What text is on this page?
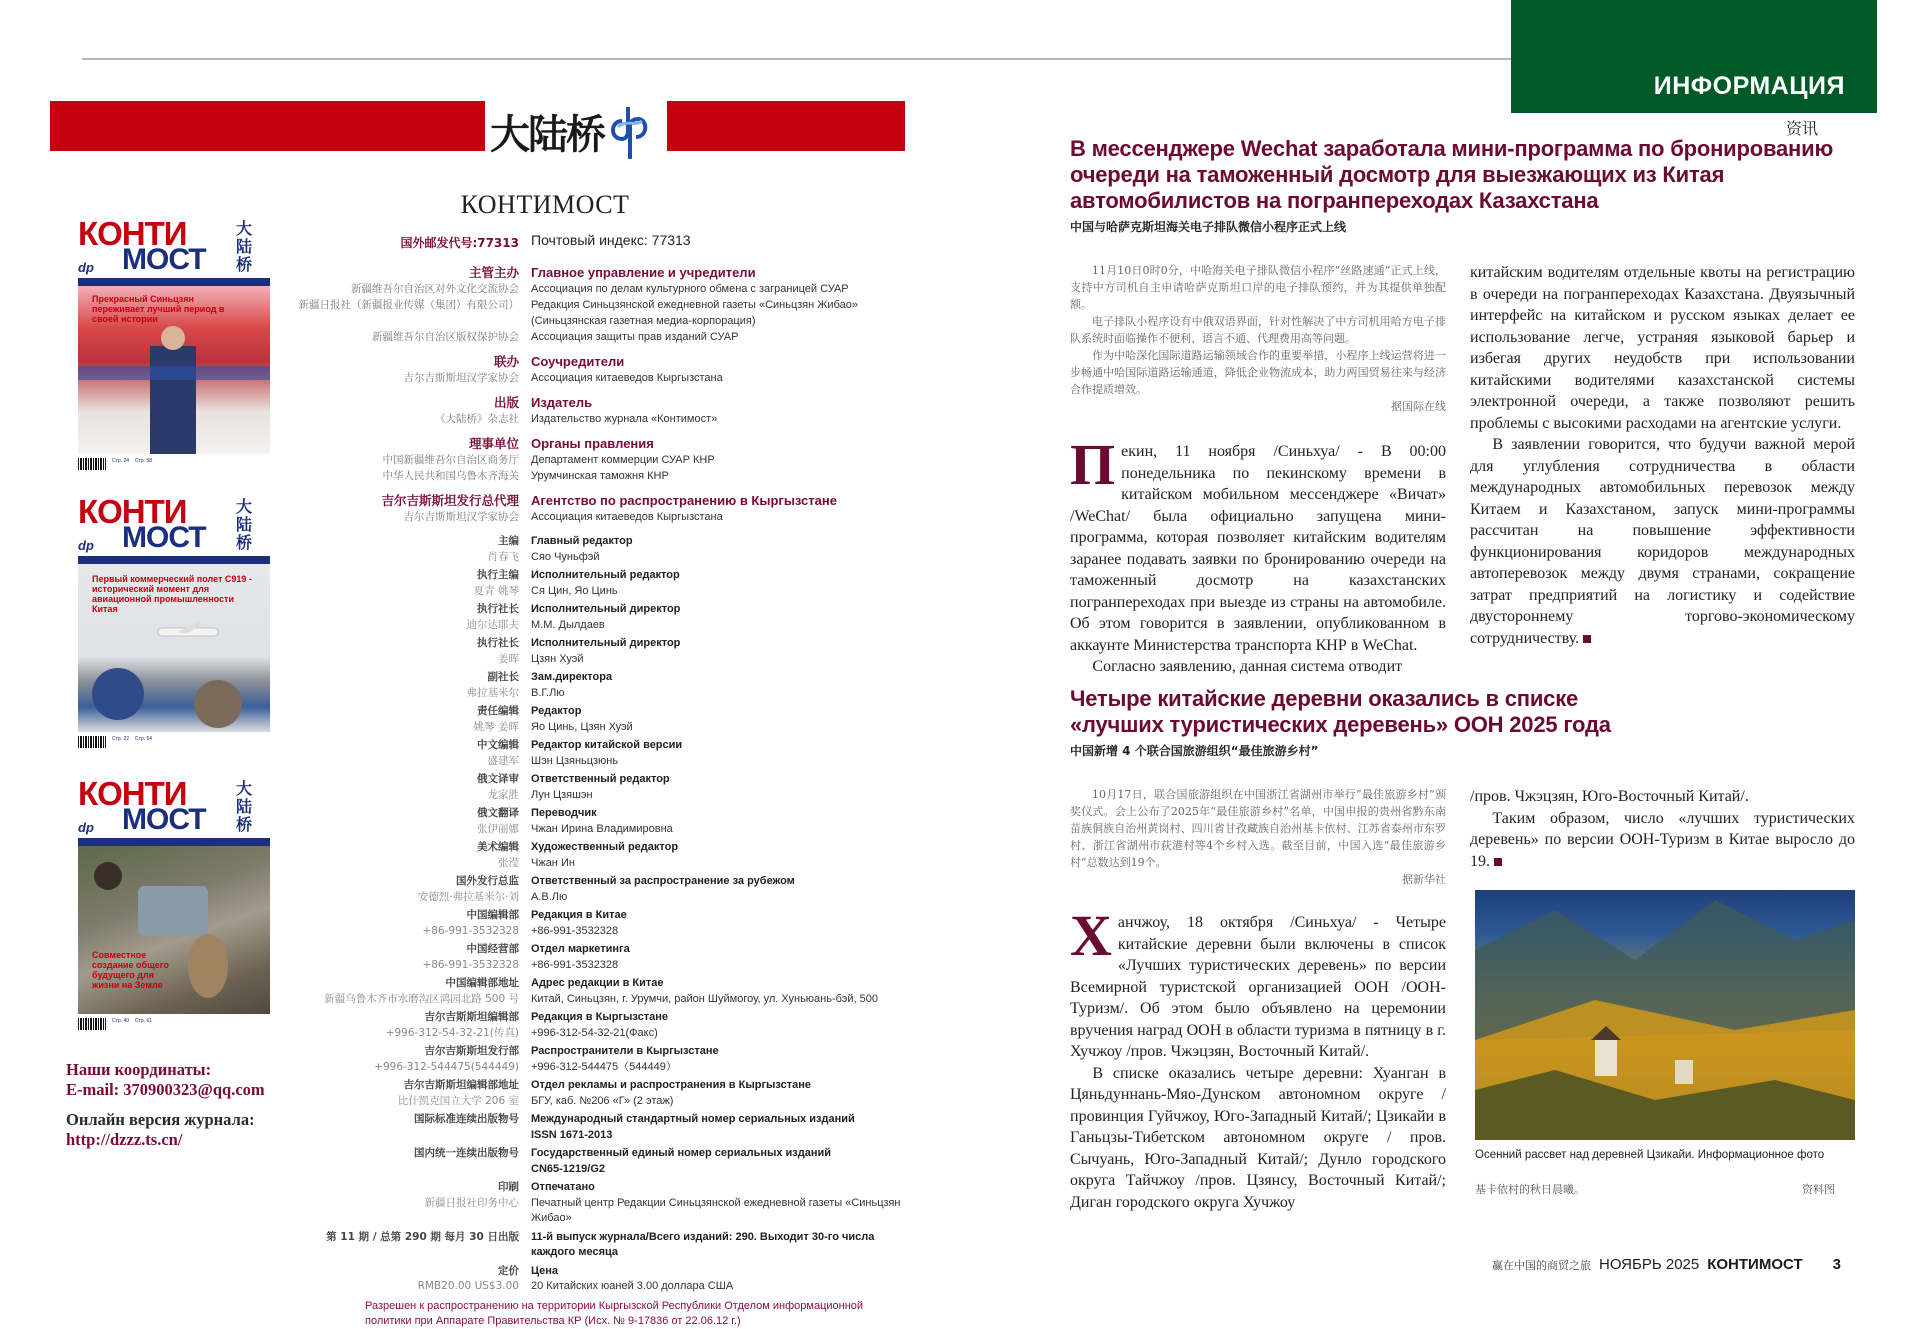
ИНФОРМАЦИЯ
资讯
大陆桥
КОНТИМОСТ
КОНТИ
МОСТ
大陆桥
dp
Прекрасный Синьцзян переживает лучший период в своей истории
Стр. 24 Стр. 58
КОНТИ
МОСТ
大陆桥
dp
Первый коммерческий полет С919 - исторический момент для авиационной промышленности Китая
Стр. 22 Стр. 54
КОНТИ
МОСТ
大陆桥
dp
Совместное создание общего будущего для жизни на Земле
Стр. 40 Стр. 61
国外邮发代号:77313 Почтовый индекс: 77313
主管主办 Главное управление и учредители
新疆维吾尔自治区对外文化交流协会	Ассоциация по делам культурного обмена с заграницей СУАР
新疆日报社（新疆报业传媒（集团）有限公司）	Редакция Синьцзянской ежедневной газеты «Синьцзян Жибао» (Синьцзянская газетная медиа-корпорация)
新疆维吾尔自治区版权保护协会	Ассоциация защиты прав изданий СУАР
联办 Соучредители
吉尔吉斯斯坦汉学家协会	Ассоциация китаеведов Кыргызстана
出版 Издатель
《大陆桥》杂志社	Издательство журнала «Контимост»
理事单位 Органы правления
中国新疆维吾尔自治区商务厅	Департамент коммерции СУАР КНР
中华人民共和国乌鲁木齐海关	Урумчинская таможня КНР
吉尔吉斯斯坦发行总代理 Агентство по распространению в Кыргызстане
吉尔吉斯斯坦汉学家协会	Ассоциация китаеведов Кыргызстана
主编	Главный редактор
肖春飞	Сяо Чуньфэй
执行主编	Исполнительный редактор
夏青 姚琴	Ся Цин, Яо Цинь
执行社长	Исполнительный директор
迪尔达耶夫	М.М. Дылдаев
执行社长	Исполнительный директор
姜晖	Цзян Хуэй
副社长	Зам.директора
弗拉基米尔	В.Г.Лю
责任编辑	Редактор
姚琴 姜晖	Яо Цинь, Цзян Хуэй
中文编辑	Редактор китайской версии
盛建军	Шэн Цзяньцзюнь
俄文译审	Ответственный редактор
龙家胜	Лун Цзяшэн
俄文翻译	Переводчик
张伊丽娜	Чжан Ирина Владимировна
美术编辑	Художественный редактор
张滢	Чжан Ин
国外发行总监	Ответственный за распространение за рубежом
安德烈·弗拉基米尔·刘	А.В.Лю
中国编辑部	Редакция в Китае
+86-991-3532328	+86-991-3532328
中国经营部	Отдел маркетинга
+86-991-3532328	+86-991-3532328
中国编辑部地址	Адрес редакции в Китае
新疆乌鲁木齐市水磨沟区鸿园北路 500 号	Китай, Синьцзян, г. Урумчи, район Шуймогоу, ул. Хуньюань-бэй, 500
吉尔吉斯斯坦编辑部	Редакция в Кыргызстане
+996-312-54-32-21(传真)	+996-312-54-32-21(Факс)
吉尔吉斯斯坦发行部	Распространители в Кыргызстане
+996-312-544475(544449)	+996-312-544475（544449）
吉尔吉斯斯坦编辑部地址	Отдел рекламы и распространения в Кыргызстане
比什凯克国立大学 206 室	БГУ, каб. №206 «Г» (2 этаж)
国际标准连续出版物号	Международный стандартный номер сериальных изданий
ISSN 1671-2013
国内统一连续出版物号	Государственный единый номер сериальных изданий
CN65-1219/G2
印刷	Отпечатано
新疆日报社印务中心	Печатный центр Редакции Синьцзянской ежедневной газеты «Синьцзян Жибао»
第 11 期 / 总第 290 期 每月 30 日出版	11-й выпуск журнала/Всего изданий: 290. Выходит 30-го числа каждого месяца
定价	Цена
RMB20.00 US$3.00	20 Китайских юаней 3.00 доллара США
Разрешен к распространению на территории Кыргызской Республики Отделом информационной политики при Аппарате Правительства КР (Исх. № 9-17836 от 22.06.12 г.)
Наши координаты:
E-mail: 370900323@qq.com
Онлайн версия журнала:
http://dzzz.ts.cn/
В мессенджере Wechat заработала мини-программа по бронированию очереди на таможенный досмотр для выезжающих из Китая автомобилистов на погранпереходах Казахстана
中国与哈萨克斯坦海关电子排队微信小程序正式上线

11月10日0时0分，中哈海关电子排队微信小程序“丝路速通”正式上线，支持中方司机自主申请哈萨克斯坦口岸的电子排队预约，并为其提供单独配额。

电子排队小程序设有中俄双语界面，针对性解决了中方司机用哈方电子排队系统时面临操作不便利、语言不通、代理费用高等问题。

作为中哈深化国际道路运输领域合作的重要举措，小程序上线运营将进一步畅通中哈国际道路运输通道，降低企业物流成本，助力两国贸易往来与经济合作提质增效。

据国际在线

Пекин, 11 ноября /Синьхуа/ - В 00:00 понедельника по пекинскому времени в китайском мобильном мессенджере «Вичат» /WeChat/ была официально запущена мини-программа, которая позволяет китайским водителям заранее подавать заявки по бронированию очереди на таможенный досмотр на казахстанских погранпереходах при выезде из страны на автомобиле. Об этом говорится в заявлении, опубликованном в аккаунте Министерства транспорта КНР в WeChat.

Согласно заявлению, данная система отводит

китайским водителям отдельные квоты на регистрацию в очереди на погранпереходах Казахстана. Двуязычный интерфейс на китайском и русском языках делает ее использование легче, устраняя языковой барьер и избегая других неудобств при использовании китайскими водителями казахстанской системы электронной очереди, а также позволяют решить проблемы с высокими расходами на агентские услуги.

В заявлении говорится, что будучи важной мерой для углубления сотрудничества в области международных автомобильных перевозок между Китаем и Казахстаном, запуск мини-программы рассчитан на повышение эффективности функционирования коридоров международных автоперевозок между двумя странами, сокращение затрат предприятий на логистику и содействие двустороннему торгово-экономическому сотрудничеству.

Четыре китайские деревни оказались в списке «лучших туристических деревень» ООН 2025 года
中国新增 4 个联合国旅游组织“最佳旅游乡村”

10月17日，联合国旅游组织在中国浙江省湖州市举行“最佳旅游乡村”颁奖仪式。会上公布了2025年“最佳旅游乡村”名单，中国申报的贵州省黔东南苗族侗族自治州黄岗村、四川省甘孜藏族自治州基卡依村、江苏省泰州市东罗村、浙江省湖州市荻港村等4个乡村入选。截至目前，中国入选“最佳旅游乡村”总数达到19个。

据新华社

Ханчжоу, 18 октября /Синьхуа/ - Четыре китайские деревни были включены в список «Лучших туристических деревень» по версии Всемирной туристской организацией ООН /ООН-Туризм/. Об этом было объявлено на церемонии вручения наград ООН в области туризма в пятницу в г. Хучжоу /пров. Чжэцзян, Восточный Китай/.

В списке оказались четыре деревни: Хуанган в Цяньдуннань-Мяо-Дунском автономном округе / провинция Гуйчжоу, Юго-Западный Китай/; Цзикайи в Ганьцзы-Тибетском автономном округе / пров. Сычуань, Юго-Западный Китай/; Дунло городского округа Тайчжоу /пров. Цзянсу, Восточный Китай/; Диган городского округа Хучжоу

/пров. Чжэцзян, Юго-Восточный Китай/.

Таким образом, число «лучших туристических деревень» по версии ООН-Туризм в Китае выросло до 19.

Осенний рассвет над деревней Цзикайи. Информационное фото
基卡依村的秋日晨曦。	资料图
赢在中国的商贸之旅 НОЯБРЬ 2025 КОНТИМОСТ 3
